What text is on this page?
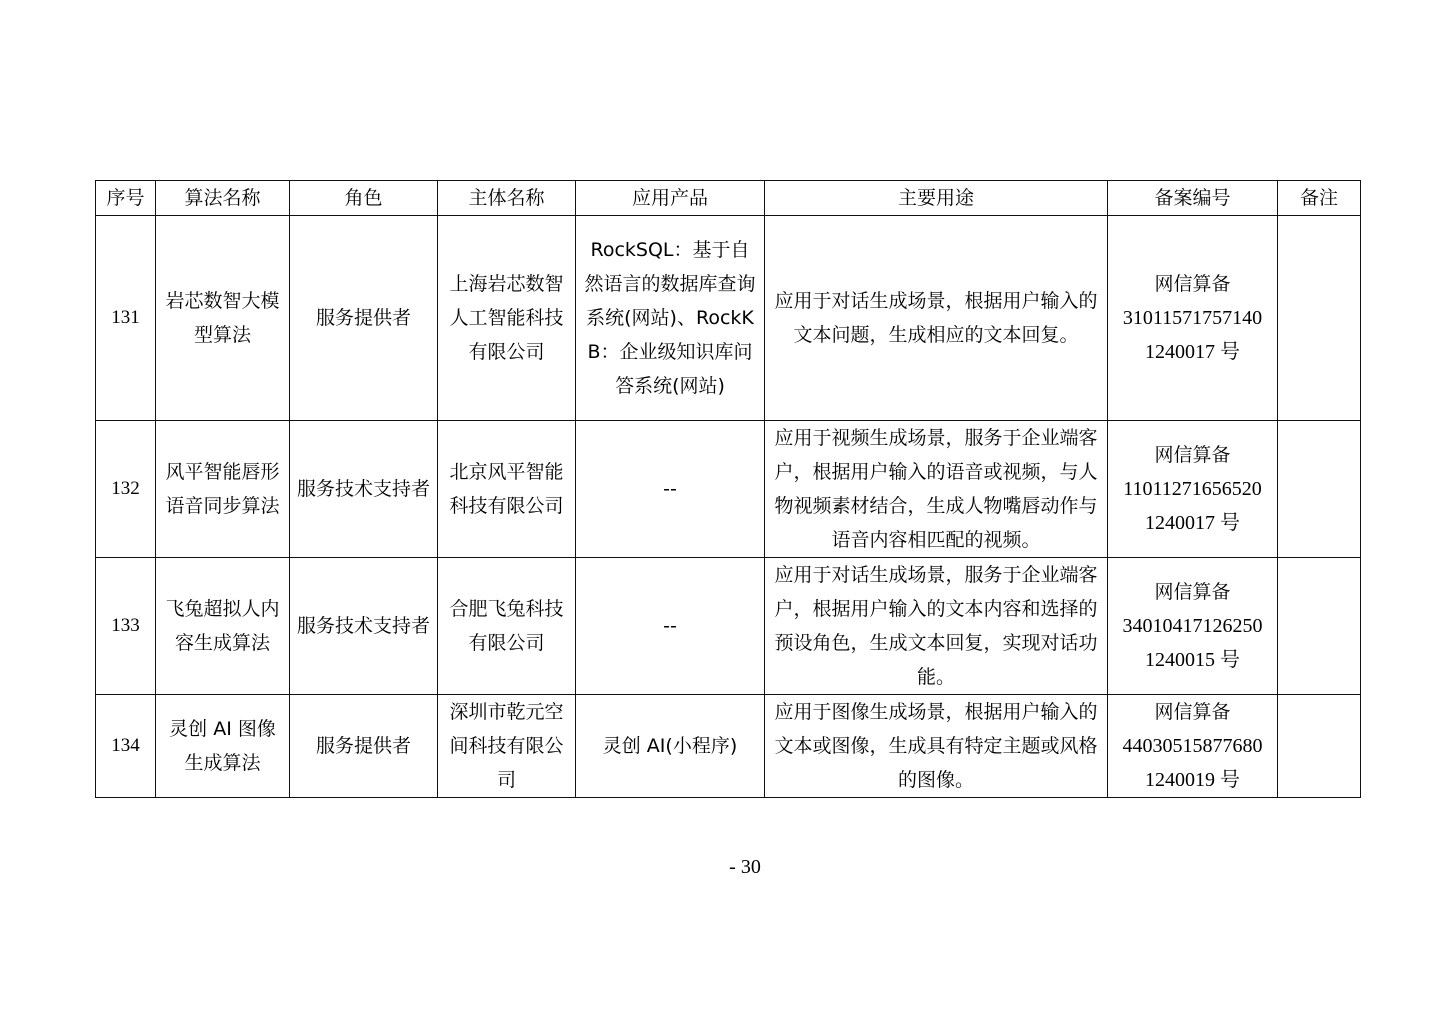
序号	算法名称	角色	主体名称	应用产品	主要用途	备案编号	备注
131	岩芯数智大模型算法	服务提供者	上海岩芯数智人工智能科技有限公司	RockSQL：基于自然语言的数据库查询系统(网站)、RockKB：企业级知识库问答系统(网站)	应用于对话生成场景，根据用户输入的文本问题，生成相应的文本回复。	网信算备
31011571757140
1240017 号	

132	风平智能唇形语音同步算法	服务技术支持者	北京风平智能科技有限公司	--	应用于视频生成场景，服务于企业端客户，根据用户输入的语音或视频，与人物视频素材结合，生成人物嘴唇动作与语音内容相匹配的视频。	网信算备
11011271656520
1240017 号	

133	飞兔超拟人内容生成算法	服务技术支持者	合肥飞兔科技有限公司	--	应用于对话生成场景，服务于企业端客户，根据用户输入的文本内容和选择的预设角色，生成文本回复，实现对话功能。	网信算备
34010417126250
1240015 号	

134	灵创 AI 图像生成算法	服务提供者	深圳市乾元空间科技有限公司	灵创 AI(小程序)	应用于图像生成场景，根据用户输入的文本或图像，生成具有特定主题或风格的图像。	网信算备
44030515877680
1240019 号	

- 30
